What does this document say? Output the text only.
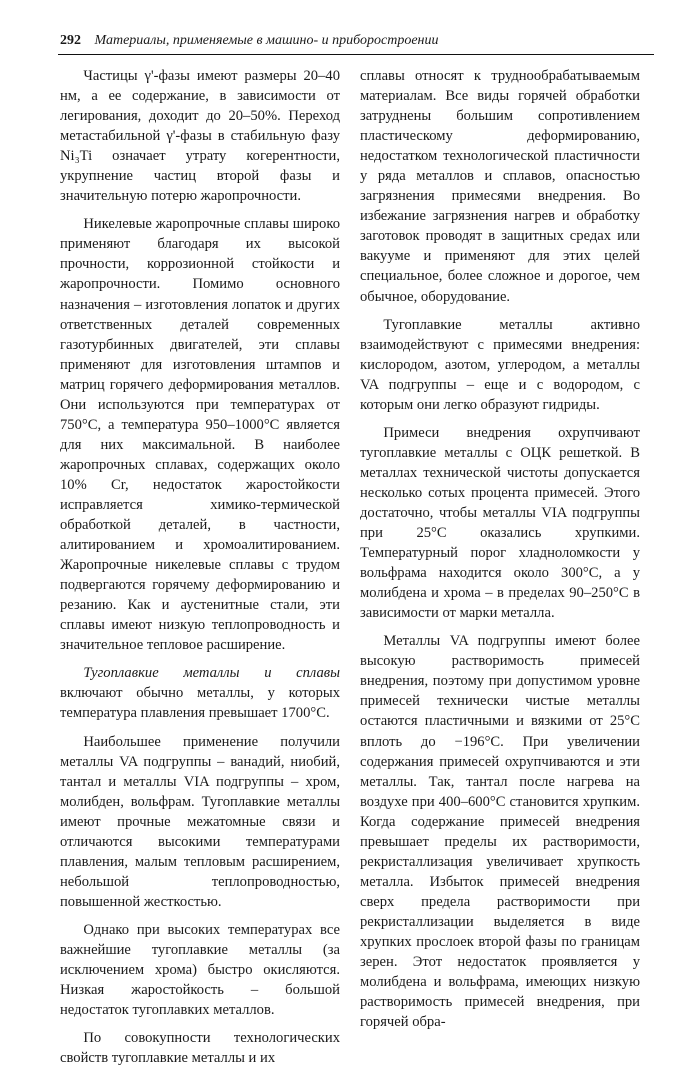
292 Материалы, применяемые в машино- и приборостроении

Частицы γ'-фазы имеют размеры 20–40 нм, а ее содержание, в зависимости от легирования, доходит до 20–50%. Переход метастабильной γ'-фазы в стабильную фазу Ni₃Ti означает утрату когерентности, укрупнение частиц второй фазы и значительную потерю жаропрочности.

Никелевые жаропрочные сплавы широко применяют благодаря их высокой прочности, коррозионной стойкости и жаропрочности. Помимо основного назначения – изготовления лопаток и других ответственных деталей современных газотурбинных двигателей, эти сплавы применяют для изготовления штампов и матриц горячего деформирования металлов. Они используются при температурах от 750°C, а температура 950–1000°C является для них максимальной. В наиболее жаропрочных сплавах, содержащих около 10% Cr, недостаток жаростойкости исправляется химико-термической обработкой деталей, в частности, алитированием и хромоалитированием. Жаропрочные никелевые сплавы с трудом подвергаются горячему деформированию и резанию. Как и аустенитные стали, эти сплавы имеют низкую теплопроводность и значительное тепловое расширение.

Тугоплавкие металлы и сплавы включают обычно металлы, у которых температура плавления превышает 1700°C.

Наибольшее применение получили металлы VA подгруппы – ванадий, ниобий, тантал и металлы VIA подгруппы – хром, молибден, вольфрам. Тугоплавкие металлы имеют прочные межатомные связи и отличаются высокими температурами плавления, малым тепловым расширением, небольшой теплопроводностью, повышенной жесткостью.

Однако при высоких температурах все важнейшие тугоплавкие металлы (за исключением хрома) быстро окисляются. Низкая жаростойкость – большой недостаток тугоплавких металлов.

По совокупности технологических свойств тугоплавкие металлы и их

сплавы относят к труднообрабатываемым материалам. Все виды горячей обработки затруднены большим сопротивлением пластическому деформированию, недостатком технологической пластичности у ряда металлов и сплавов, опасностью загрязнения примесями внедрения. Во избежание загрязнения нагрев и обработку заготовок проводят в защитных средах или вакууме и применяют для этих целей специальное, более сложное и дорогое, чем обычное, оборудование.

Тугоплавкие металлы активно взаимодействуют с примесями внедрения: кислородом, азотом, углеродом, а металлы VA подгруппы – еще и с водородом, с которым они легко образуют гидриды.

Примеси внедрения охрупчивают тугоплавкие металлы с ОЦК решеткой. В металлах технической чистоты допускается несколько сотых процента примесей. Этого достаточно, чтобы металлы VIA подгруппы при 25°C оказались хрупкими. Температурный порог хладноломкости у вольфрама находится около 300°C, а у молибдена и хрома – в пределах 90–250°C в зависимости от марки металла.

Металлы VA подгруппы имеют более высокую растворимость примесей внедрения, поэтому при допустимом уровне примесей технически чистые металлы остаются пластичными и вязкими от 25°C вплоть до −196°C. При увеличении содержания примесей охрупчиваются и эти металлы. Так, тантал после нагрева на воздухе при 400–600°C становится хрупким. Когда содержание примесей внедрения превышает пределы их растворимости, рекристаллизация увеличивает хрупкость металла. Избыток примесей внедрения сверх предела растворимости при рекристаллизации выделяется в виде хрупких прослоек второй фазы по границам зерен. Этот недостаток проявляется у молибдена и вольфрама, имеющих низкую растворимость примесей внедрения, при горячей обра-
